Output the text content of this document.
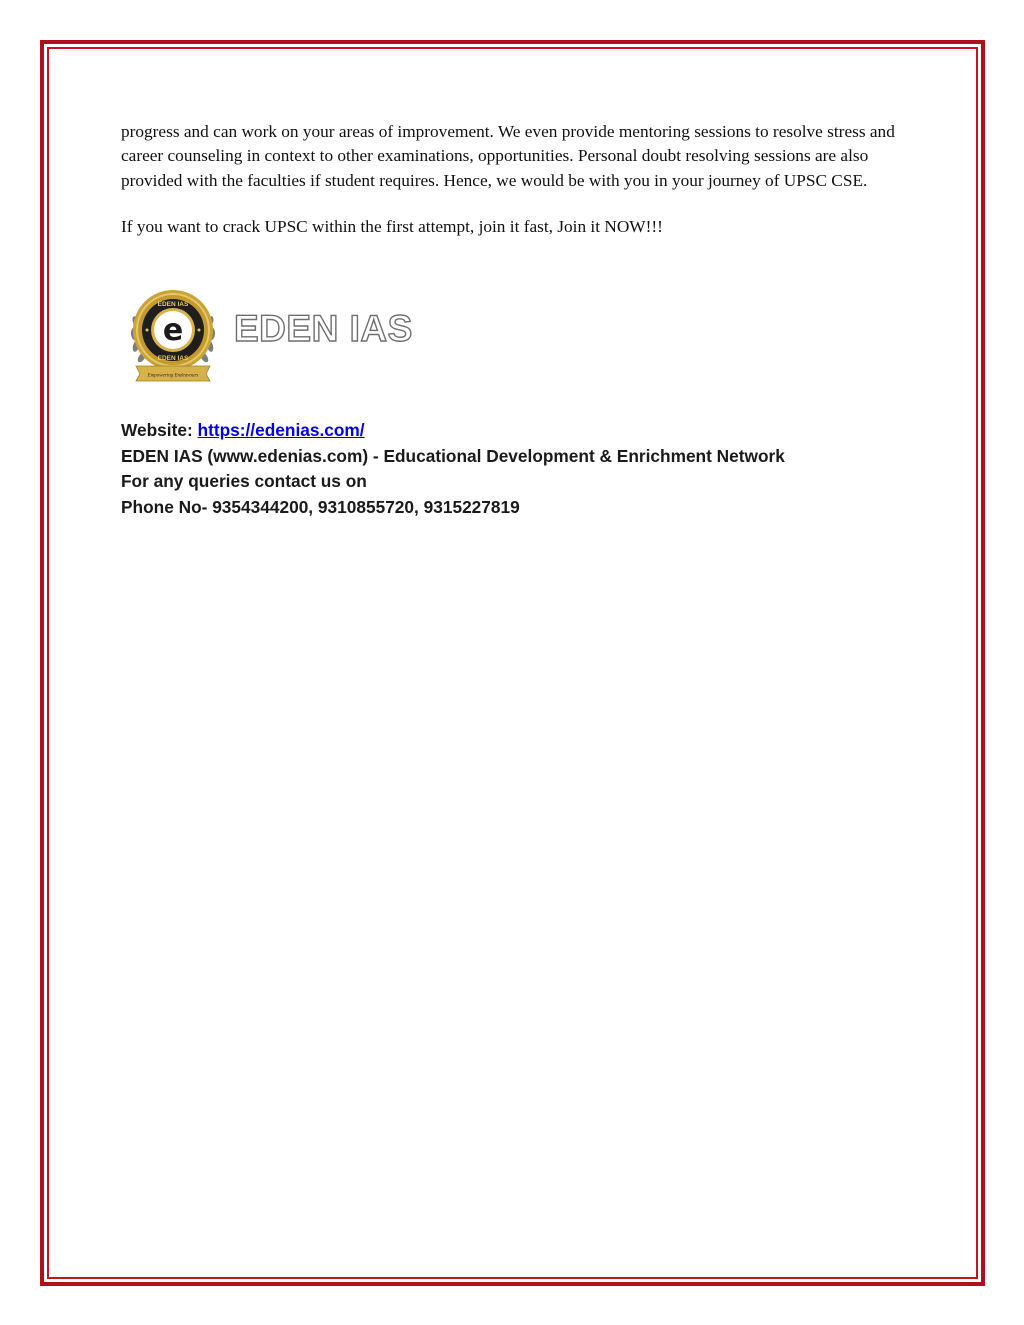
progress and can work on your areas of improvement. We even provide mentoring sessions to resolve stress and career counseling in context to other examinations, opportunities. Personal doubt resolving sessions are also provided with the faculties if student requires. Hence, we would be with you in your journey of UPSC CSE.

If you want to crack UPSC within the first attempt, join it fast, Join it NOW!!!

EDEN IAS
EDEN IAS
e
Empowering Endeavours
EDEN IAS
Website: https://edenias.com/
EDEN IAS (www.edenias.com) - Educational Development & Enrichment Network
For any queries contact us on
Phone No- 9354344200, 9310855720, 9315227819
